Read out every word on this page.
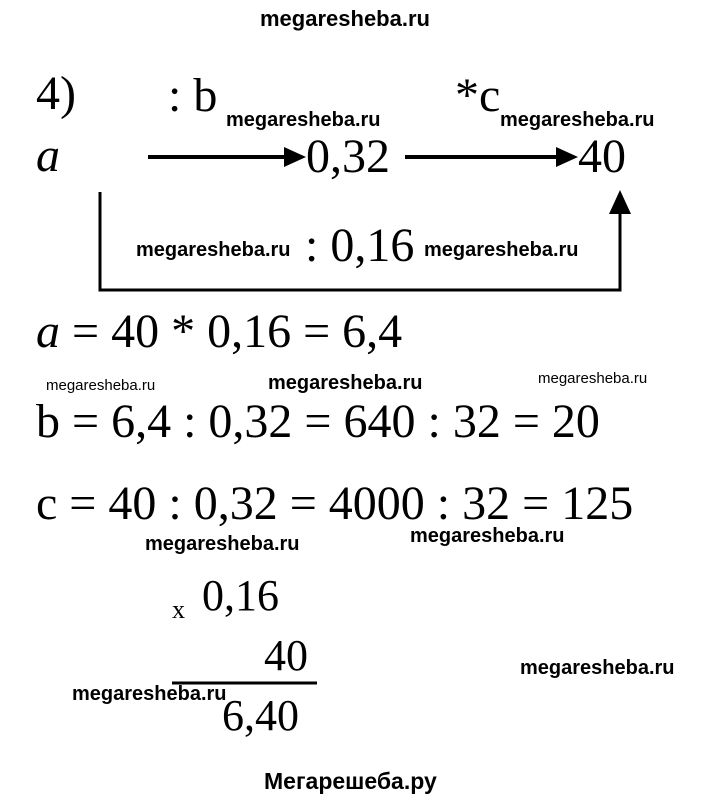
megaresheba.ru
4) : b	*c
a	0,32	40
: 0,16
a = 40 * 0,16 = 6,4
b = 6,4 : 0,32 = 640 : 32 = 20
c = 40 : 0,32 = 4000 : 32 = 125
x 0,16
40
6,40
megaresheba.ru	megaresheba.ru
megaresheba.ru	megaresheba.ru
megaresheba.ru	megaresheba.ru	megaresheba.ru
megaresheba.ru	megaresheba.ru
megaresheba.ru
megaresheba.ru
Мегарешеба.ру
